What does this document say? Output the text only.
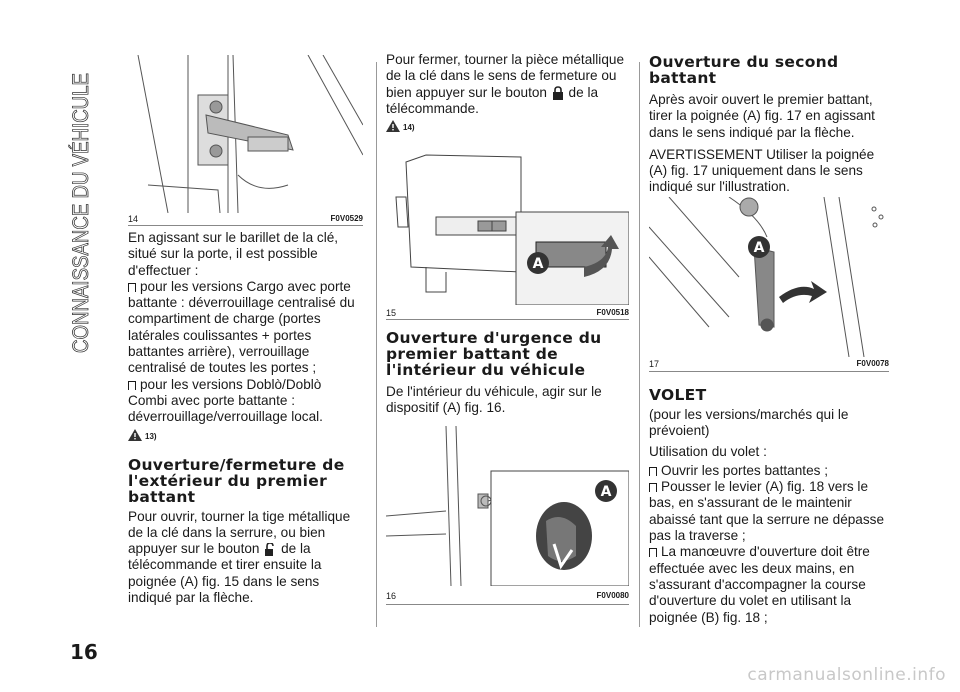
CONNAISSANCE DU VÉHICULE
16
14	F0V0529

En agissant sur le barillet de la clé, situé sur la porte, il est possible d'effectuer :

pour les versions Cargo avec porte battante : déverrouillage centralisé du compartiment de charge (portes latérales coulissantes + portes battantes arrière), verrouillage centralisé de toutes les portes ;

pour les versions Doblò/Doblò Combi avec porte battante : déverrouillage/verrouillage local.

13)
Ouverture/fermeture de l'extérieur du premier battant

Pour ouvrir, tourner la tige métallique de la clé dans la serrure, ou bien appuyer sur le bouton de la télécommande et tirer ensuite la poignée (A) fig. 15 dans le sens indiqué par la flèche.

Pour fermer, tourner la pièce métallique de la clé dans le sens de fermeture ou bien appuyer sur le bouton de la télécommande.

14)
A
15	F0V0518
Ouverture d'urgence du premier battant de l'intérieur du véhicule

De l'intérieur du véhicule, agir sur le dispositif (A) fig. 16.

A
16	F0V0080
Ouverture du second battant

Après avoir ouvert le premier battant, tirer la poignée (A) fig. 17 en agissant dans le sens indiqué par la flèche.

AVERTISSEMENT Utiliser la poignée (A) fig. 17 uniquement dans le sens indiqué sur l'illustration.

A
17	F0V0078
VOLET

(pour les versions/marchés qui le prévoient)

Utilisation du volet :

Ouvrir les portes battantes ;

Pousser le levier (A) fig. 18 vers le bas, en s'assurant de le maintenir abaissé tant que la serrure ne dépasse pas la traverse ;

La manœuvre d'ouverture doit être effectuée avec les deux mains, en s'assurant d'accompagner la course d'ouverture du volet en utilisant la poignée (B) fig. 18 ;

carmanualsonline.info
